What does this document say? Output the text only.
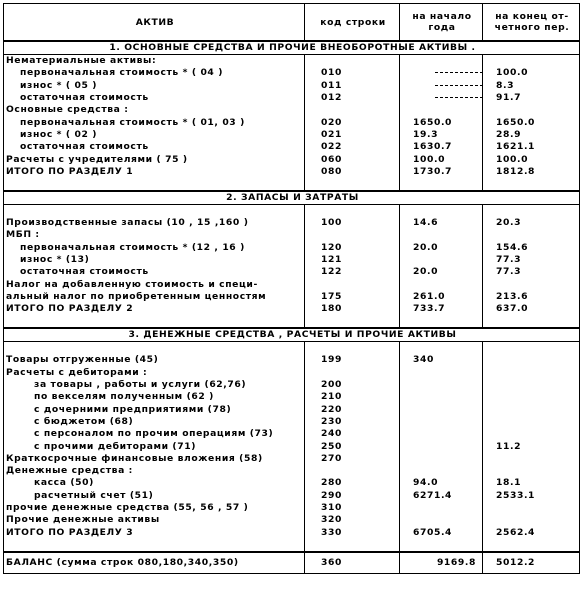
АКТИВ	код строки	на начало года	на конец от-четного пер.
1. ОСНОВНЫЕ СРЕДСТВА И ПРОЧИЕ ВНЕОБОРОТНЫЕ АКТИВЫ .			
Нематериальные активы:			
первоначальная стоимость * ( 04 )	010		100.0
износ * ( 05 )	011		8.3
остаточная стоимость	012		91.7
Основные средства :			
первоначальная стоимость * ( 01, 03 )	020	1650.0	1650.0
износ * ( 02 )	021	19.3	28.9
остаточная стоимость	022	1630.7	1621.1
Расчеты с учредителями ( 75 )	060	100.0	100.0
ИТОГО ПО РАЗДЕЛУ 1	080	1730.7	1812.8

2. ЗАПАСЫ И ЗАТРАТЫ			

Производственные запасы (10 , 15 ,160 )	100	14.6	20.3
МБП :			
первоначальная стоимость * (12 , 16 )	120	20.0	154.6
износ * (13)	121		77.3
остаточная стоимость	122	20.0	77.3
Налог на добавленную стоимость и специ-			
альный налог по приобретенным ценностям	175	261.0	213.6
ИТОГО ПО РАЗДЕЛУ 2	180	733.7	637.0

3. ДЕНЕЖНЫЕ СРЕДСТВА , РАСЧЕТЫ И ПРОЧИЕ АКТИВЫ			

Товары отгруженные (45)	199	340	
Расчеты с дебиторами :			
за товары , работы и услуги (62,76)	200		
по векселям полученным (62 )	210		
с дочерними предприятиями (78)	220		
с бюджетом (68)	230		
с персоналом по прочим операциям (73)	240		
с прочими дебиторами (71)	250		11.2
Краткосрочные финансовые вложения (58)	270		
Денежные средства :			
касса (50)	280	94.0	18.1
расчетный счет (51)	290	6271.4	2533.1
прочие денежные средства (55, 56 , 57 )	310		
Прочие денежные активы	320		
ИТОГО ПО РАЗДЕЛУ 3	330	6705.4	2562.4

БАЛАНС (сумма строк 080,180,340,350)	360	9169.8	5012.2
